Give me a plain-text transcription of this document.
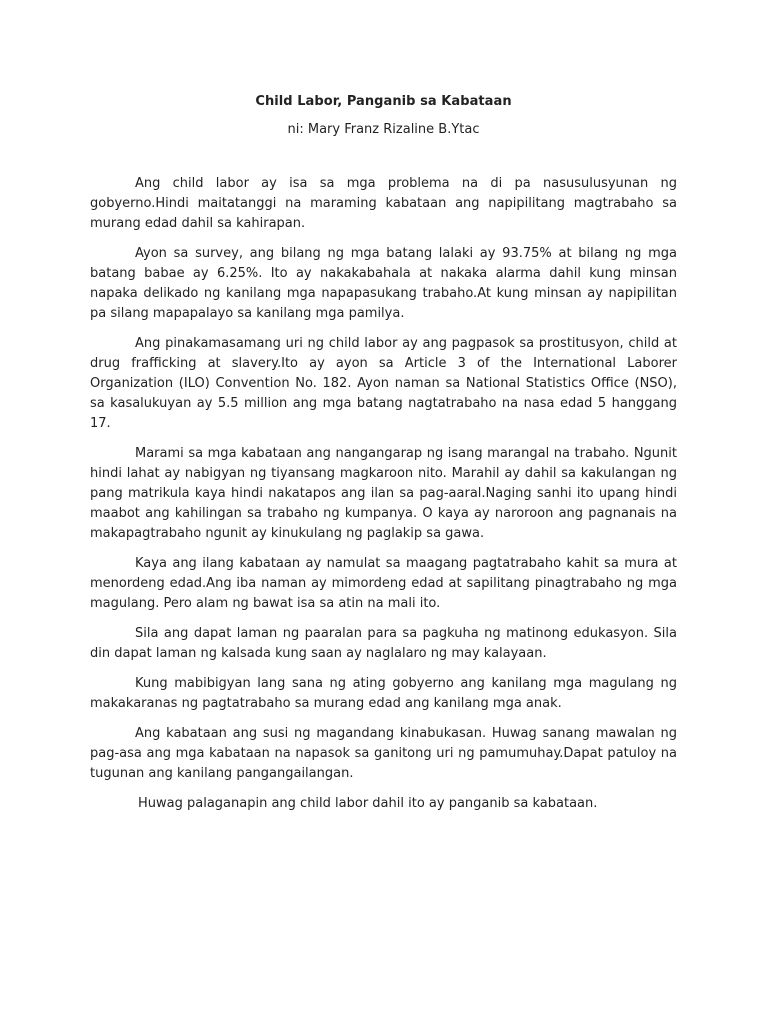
Child Labor, Panganib sa Kabataan

ni: Mary Franz Rizaline B.Ytac

Ang child labor ay isa sa mga problema na di pa nasusulusyunan ng gobyerno.Hindi maitatanggi na maraming kabataan ang napipilitang magtrabaho sa murang edad dahil sa kahirapan.

Ayon sa survey, ang bilang ng mga batang lalaki ay 93.75% at bilang ng mga batang babae ay 6.25%. Ito ay nakakabahala at nakaka alarma dahil kung minsan napaka delikado ng kanilang mga napapasukang trabaho.At kung minsan ay napipilitan pa silang mapapalayo sa kanilang mga pamilya.

Ang pinakamasamang uri ng child labor ay ang pagpasok sa prostitusyon, child at drug frafficking at slavery.Ito ay ayon sa Article 3 of the International Laborer Organization (ILO) Convention No. 182. Ayon naman sa National Statistics Office (NSO), sa kasalukuyan ay 5.5 million ang mga batang nagtatrabaho na nasa edad 5 hanggang 17.

Marami sa mga kabataan ang nangangarap ng isang marangal na trabaho. Ngunit hindi lahat ay nabigyan ng tiyansang magkaroon nito. Marahil ay dahil sa kakulangan ng pang matrikula kaya hindi nakatapos ang ilan sa pag-aaral.Naging sanhi ito upang hindi maabot ang kahilingan sa trabaho ng kumpanya. O kaya ay naroroon ang pagnanais na makapagtrabaho ngunit ay kinukulang ng paglakip sa gawa.

Kaya ang ilang kabataan ay namulat sa maagang pagtatrabaho kahit sa mura at menordeng edad.Ang iba naman ay mimordeng edad at sapilitang pinagtrabaho ng mga magulang. Pero alam ng bawat isa sa atin na mali ito.

Sila ang dapat laman ng paaralan para sa pagkuha ng matinong edukasyon. Sila din dapat laman ng kalsada kung saan ay naglalaro ng may kalayaan.

Kung mabibigyan lang sana ng ating gobyerno ang kanilang mga magulang ng makakaranas ng pagtatrabaho sa murang edad ang kanilang mga anak.

Ang kabataan ang susi ng magandang kinabukasan. Huwag sanang mawalan ng pag-asa ang mga kabataan na napasok sa ganitong uri ng pamumuhay.Dapat patuloy na tugunan ang kanilang pangangailangan.

Huwag palaganapin ang child labor dahil ito ay panganib sa kabataan.
